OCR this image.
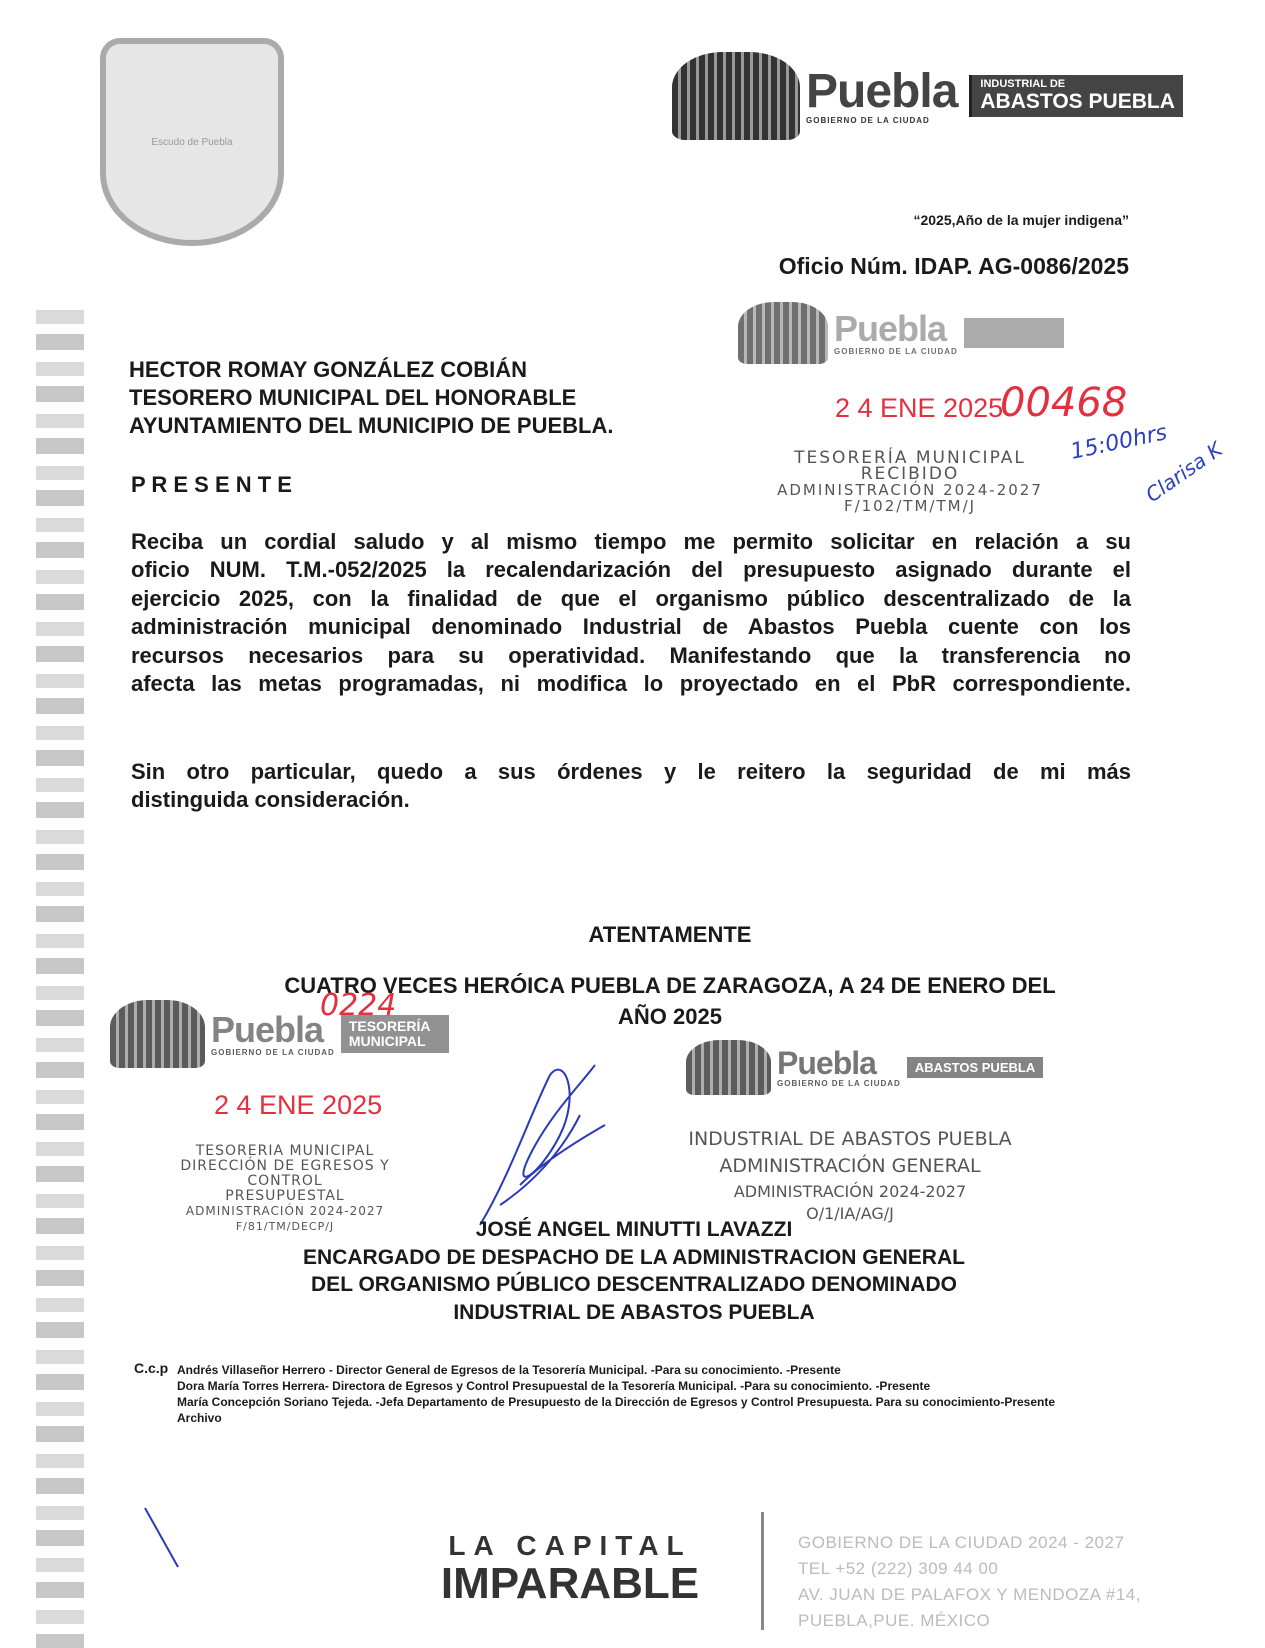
Escudo de Puebla
Puebla
GOBIERNO DE LA CIUDAD
INDUSTRIAL DE
ABASTOS PUEBLA
“2025,Año de la mujer indigena”
Oficio Núm. IDAP. AG-0086/2025
HECTOR ROMAY GONZÁLEZ COBIÁN
TESORERO MUNICIPAL DEL HONORABLE
AYUNTAMIENTO DEL MUNICIPIO DE PUEBLA.
P R E S E N T E
Puebla
GOBIERNO DE LA CIUDAD
2 4 ENE 2025
00468
15:00hrs
Clarisa K
TESORERÍA MUNICIPAL
RECIBIDO
ADMINISTRACIÓN 2024-2027
F/102/TM/TM/J
Reciba un cordial saludo y al mismo tiempo me permito solicitar en relación a su
oficio NUM. T.M.-052/2025 la recalendarización del presupuesto asignado durante el
ejercicio 2025, con la finalidad de que el organismo público descentralizado de la
administración municipal denominado Industrial de Abastos Puebla cuente con los
recursos necesarios para su operatividad. Manifestando que la transferencia no
afecta las metas programadas, ni modifica lo proyectado en el PbR correspondiente.
Sin otro particular, quedo a sus órdenes y le reitero la seguridad de mi más
distinguida consideración.
ATENTAMENTE
CUATRO VECES HERÓICA PUEBLA DE ZARAGOZA, A 24 DE ENERO DEL
AÑO 2025
Puebla
GOBIERNO DE LA CIUDAD
TESORERÍA MUNICIPAL
0224
2 4 ENE 2025
TESORERIA MUNICIPAL
DIRECCIÓN DE EGRESOS Y CONTROL
PRESUPUESTAL
ADMINISTRACIÓN 2024-2027
F/81/TM/DECP/J
Puebla
GOBIERNO DE LA CIUDAD
ABASTOS PUEBLA
INDUSTRIAL DE ABASTOS PUEBLA
ADMINISTRACIÓN GENERAL
ADMINISTRACIÓN 2024-2027
O/1/IA/AG/J
JOSÉ ANGEL MINUTTI LAVAZZI
ENCARGADO DE DESPACHO DE LA ADMINISTRACION GENERAL
DEL ORGANISMO PÚBLICO DESCENTRALIZADO DENOMINADO
INDUSTRIAL DE ABASTOS PUEBLA
C.c.p Andrés Villaseñor Herrero - Director General de Egresos de la Tesorería Municipal. -Para su conocimiento. -Presente
Dora María Torres Herrera- Directora de Egresos y Control Presupuestal de la Tesorería Municipal. -Para su conocimiento. -Presente
María Concepción Soriano Tejeda. -Jefa Departamento de Presupuesto de la Dirección de Egresos y Control Presupuesta. Para su conocimiento-Presente
Archivo
LA CAPITAL
IMPARABLE
GOBIERNO DE LA CIUDAD 2024 - 2027
TEL +52 (222) 309 44 00
AV. JUAN DE PALAFOX Y MENDOZA #14,
PUEBLA,PUE. MÉXICO
